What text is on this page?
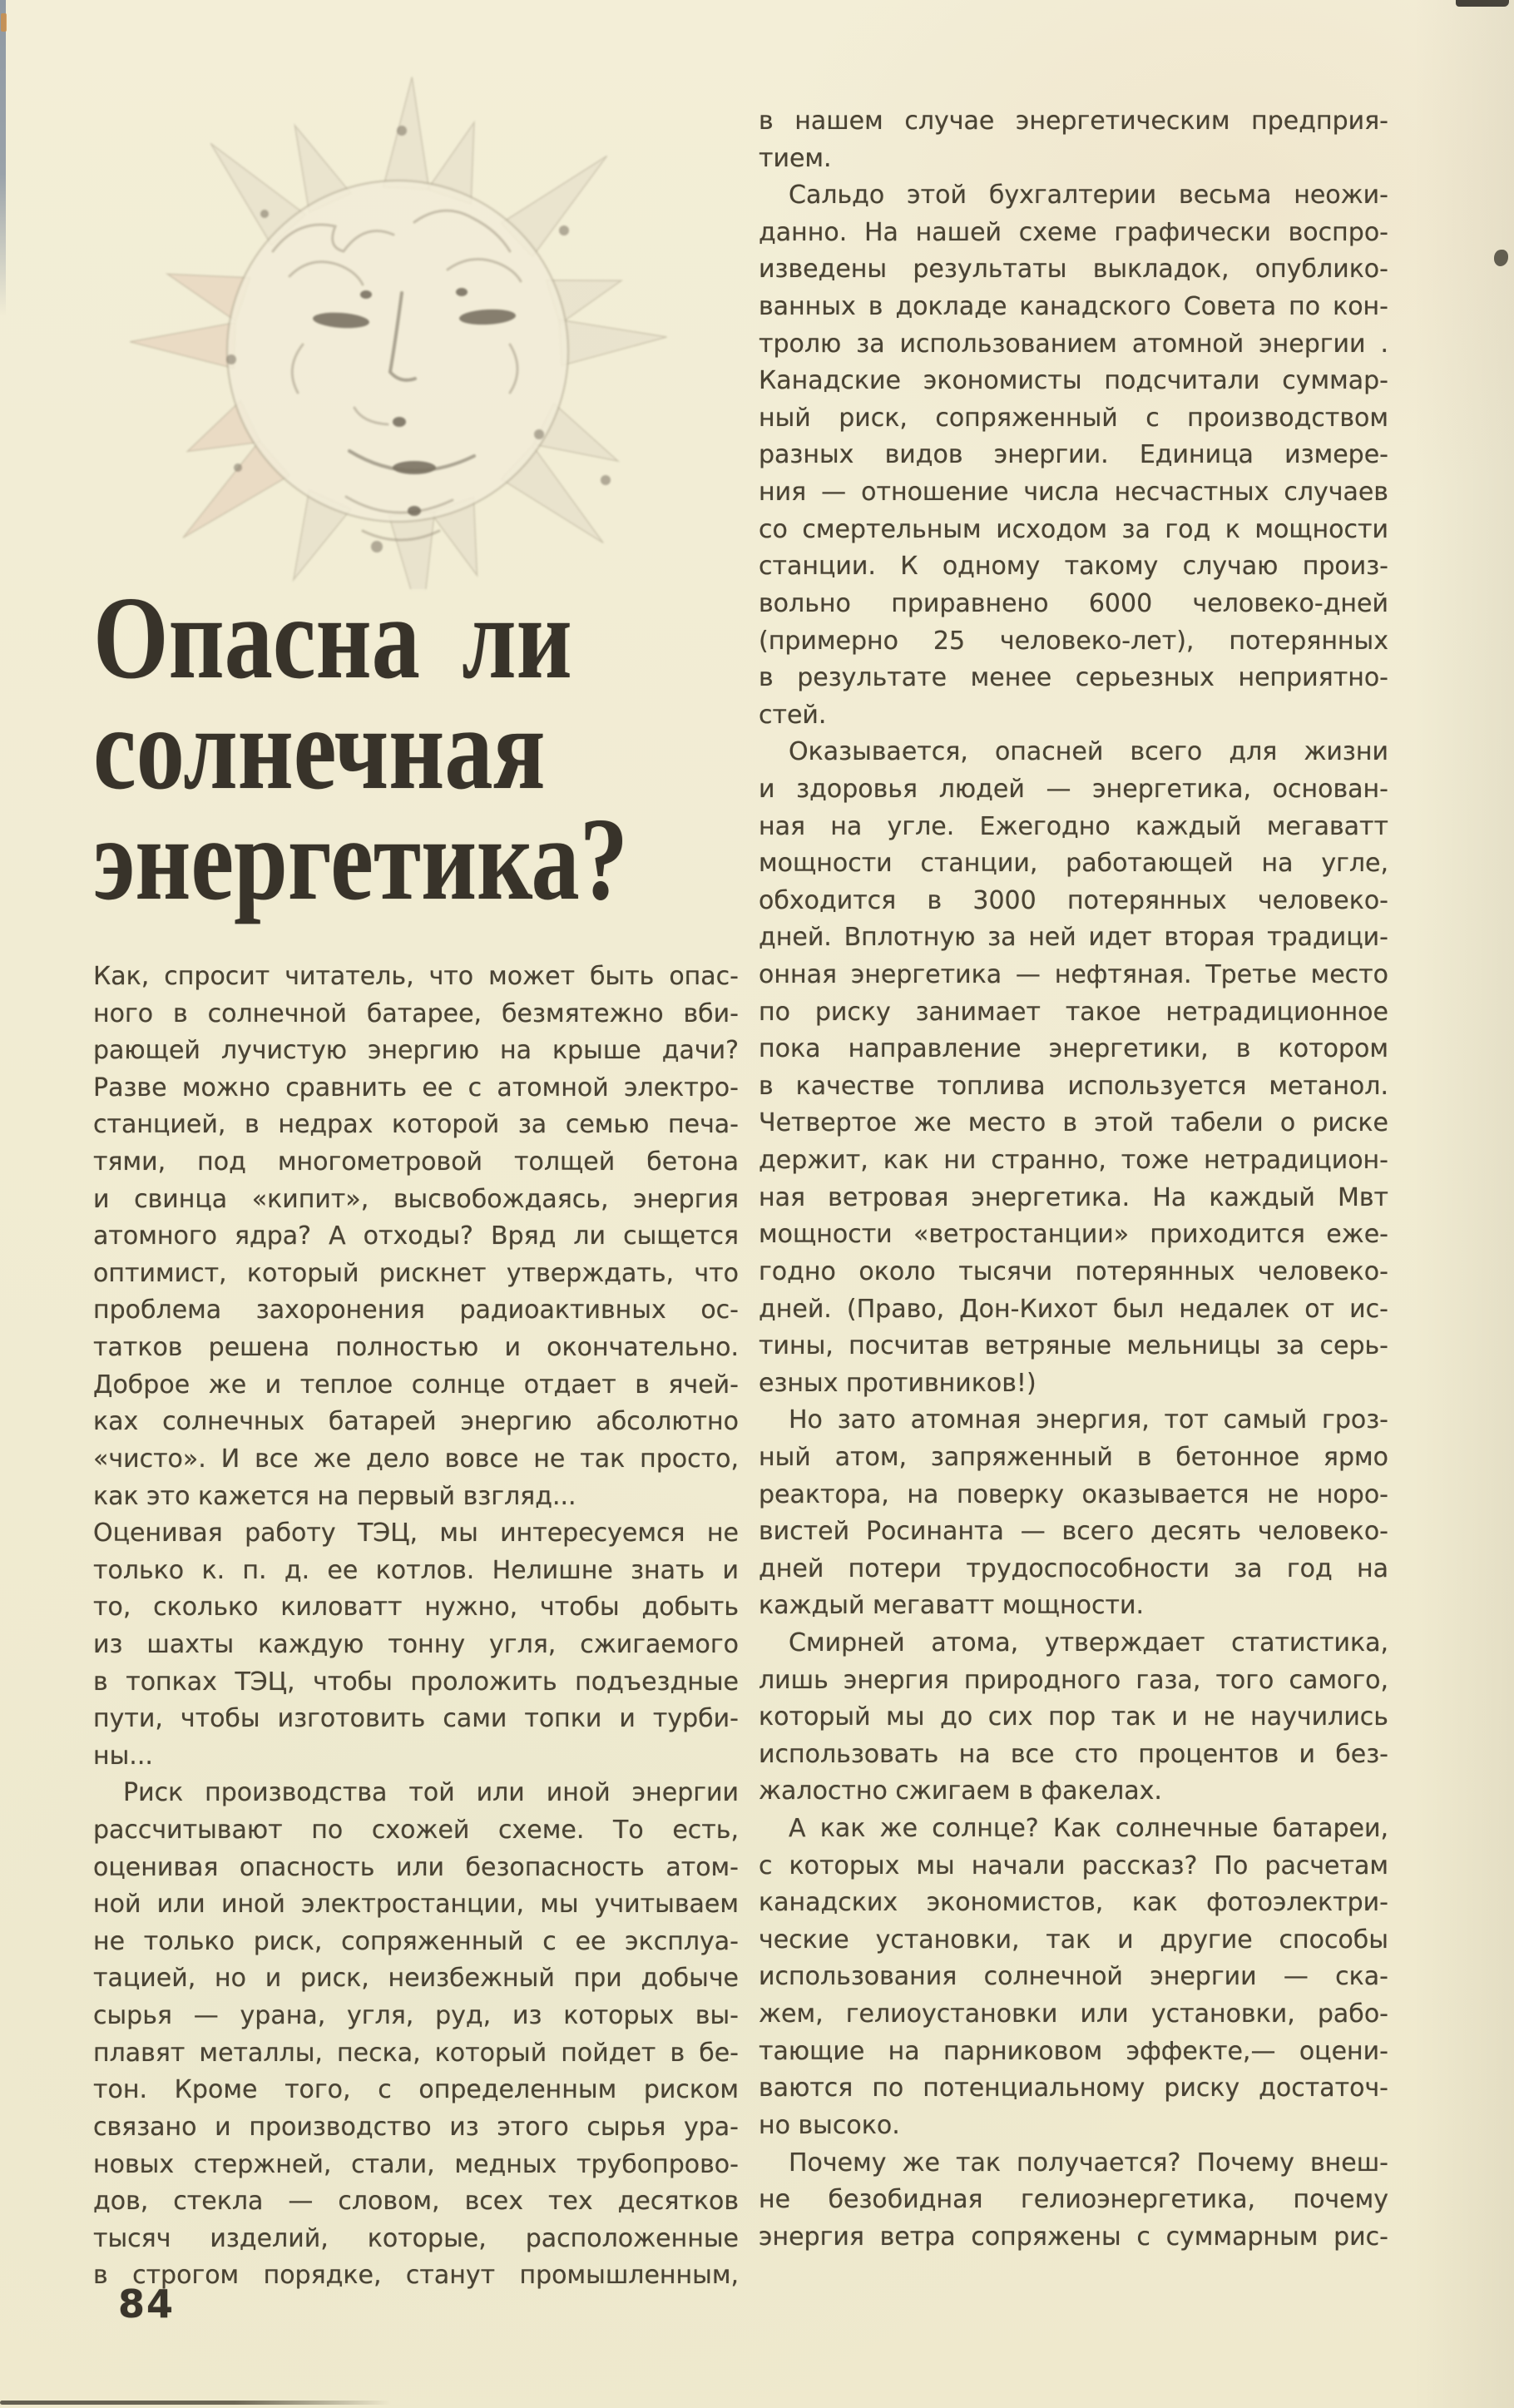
Опасна ли
солнечная
энергетика?
Как, спросит читатель, что может быть опас-
ного в солнечной батарее, безмятежно вби-
рающей лучистую энергию на крыше дачи?
Разве можно сравнить ее с атомной электро-
станцией, в недрах которой за семью печа-
тями, под многометровой толщей бетона
и свинца «кипит», высвобождаясь, энергия
атомного ядра? А отходы? Вряд ли сыщется
оптимист, который рискнет утверждать, что
проблема захоронения радиоактивных ос-
татков решена полностью и окончательно.
Доброе же и теплое солнце отдает в ячей-
ках солнечных батарей энергию абсолютно
«чисто». И все же дело вовсе не так просто,
как это кажется на первый взгляд...
Оценивая работу ТЭЦ, мы интересуемся не
только к. п. д. ее котлов. Нелишне знать и
то, сколько киловатт нужно, чтобы добыть
из шахты каждую тонну угля, сжигаемого
в топках ТЭЦ, чтобы проложить подъездные
пути, чтобы изготовить сами топки и турби-
ны...
Риск производства той или иной энергии
рассчитывают по схожей схеме. То есть,
оценивая опасность или безопасность атом-
ной или иной электростанции, мы учитываем
не только риск, сопряженный с ее эксплуа-
тацией, но и риск, неизбежный при добыче
сырья — урана, угля, руд, из которых вы-
плавят металлы, песка, который пойдет в бе-
тон. Кроме того, с определенным риском
связано и производство из этого сырья ура-
новых стержней, стали, медных трубопрово-
дов, стекла — словом, всех тех десятков
тысяч изделий, которые, расположенные
в строгом порядке, станут промышленным,
в нашем случае энергетическим предприя-
тием.
Сальдо этой бухгалтерии весьма неожи-
данно. На нашей схеме графически воспро-
изведены результаты выкладок, опублико-
ванных в докладе канадского Совета по кон-
тролю за использованием атомной энергии .
Канадские экономисты подсчитали суммар-
ный риск, сопряженный с производством
разных видов энергии. Единица измере-
ния — отношение числа несчастных случаев
со смертельным исходом за год к мощности
станции. К одному такому случаю произ-
вольно приравнено 6000 человеко-дней
(примерно 25 человеко-лет), потерянных
в результате менее серьезных неприятно-
стей.
Оказывается, опасней всего для жизни
и здоровья людей — энергетика, основан-
ная на угле. Ежегодно каждый мегаватт
мощности станции, работающей на угле,
обходится в 3000 потерянных человеко-
дней. Вплотную за ней идет вторая традици-
онная энергетика — нефтяная. Третье место
по риску занимает такое нетрадиционное
пока направление энергетики, в котором
в качестве топлива используется метанол.
Четвертое же место в этой табели о риске
держит, как ни странно, тоже нетрадицион-
ная ветровая энергетика. На каждый Мвт
мощности «ветростанции» приходится еже-
годно около тысячи потерянных человеко-
дней. (Право, Дон-Кихот был недалек от ис-
тины, посчитав ветряные мельницы за серь-
езных противников!)
Но зато атомная энергия, тот самый гроз-
ный атом, запряженный в бетонное ярмо
реактора, на поверку оказывается не норо-
вистей Росинанта — всего десять человеко-
дней потери трудоспособности за год на
каждый мегаватт мощности.
Смирней атома, утверждает статистика,
лишь энергия природного газа, того самого,
который мы до сих пор так и не научились
использовать на все сто процентов и без-
жалостно сжигаем в факелах.
А как же солнце? Как солнечные батареи,
с которых мы начали рассказ? По расчетам
канадских экономистов, как фотоэлектри-
ческие установки, так и другие способы
использования солнечной энергии — ска-
жем, гелиоустановки или установки, рабо-
тающие на парниковом эффекте,— оцени-
ваются по потенциальному риску достаточ-
но высоко.
Почему же так получается? Почему внеш-
не безобидная гелиоэнергетика, почему
энергия ветра сопряжены с суммарным рис-
84
